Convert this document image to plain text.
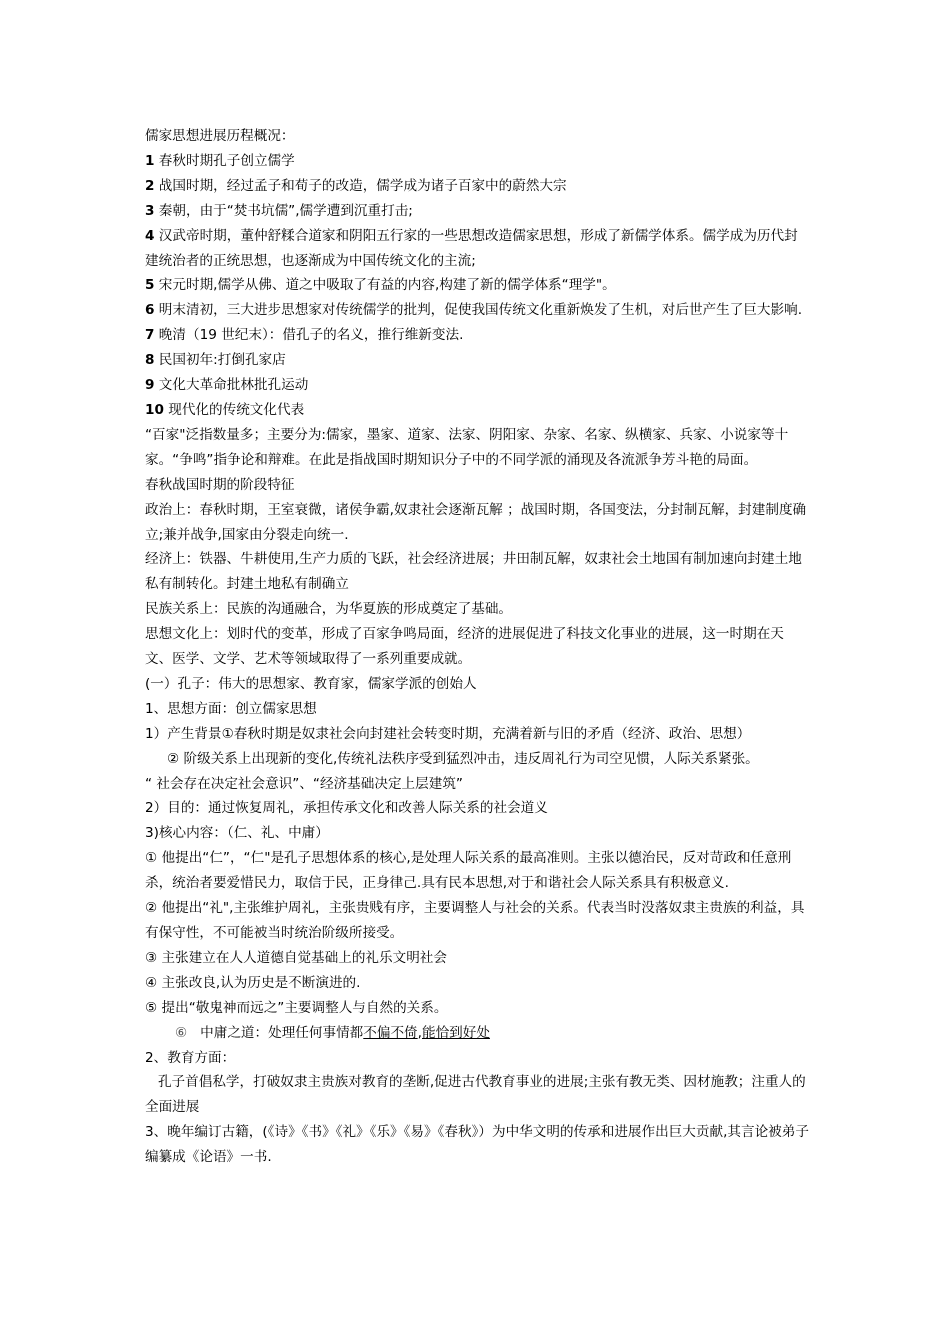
儒家思想进展历程概况：

1 春秋时期孔子创立儒学

2 战国时期，经过孟子和荀子的改造，儒学成为诸子百家中的蔚然大宗

3 秦朝，由于“焚书坑儒”,儒学遭到沉重打击;

4 汉武帝时期，董仲舒糅合道家和阴阳五行家的一些思想改造儒家思想，形成了新儒学体系。儒学成为历代封建统治者的正统思想，也逐渐成为中国传统文化的主流;

5 宋元时期,儒学从佛、道之中吸取了有益的内容,构建了新的儒学体系“理学"。

6 明末清初，三大进步思想家对传统儒学的批判，促使我国传统文化重新焕发了生机，对后世产生了巨大影响.

7 晚清（19 世纪末）：借孔子的名义，推行维新变法.

8 民国初年:打倒孔家店

9 文化大革命批林批孔运动

10 现代化的传统文化代表

“百家"泛指数量多；主要分为:儒家，墨家、道家、法家、阴阳家、杂家、名家、纵横家、兵家、小说家等十家。“争鸣”指争论和辩难。在此是指战国时期知识分子中的不同学派的涌现及各流派争芳斗艳的局面。

春秋战国时期的阶段特征

政治上：春秋时期，王室衰微，诸侯争霸,奴隶社会逐渐瓦解 ；战国时期，各国变法，分封制瓦解，封建制度确立;兼并战争,国家由分裂走向统一.

经济上：铁器、牛耕使用,生产力质的飞跃，社会经济进展；井田制瓦解，奴隶社会土地国有制加速向封建土地私有制转化。封建土地私有制确立

民族关系上：民族的沟通融合，为华夏族的形成奠定了基础。

思想文化上：划时代的变革，形成了百家争鸣局面，经济的进展促进了科技文化事业的进展，这一时期在天文、医学、文学、艺术等领域取得了一系列重要成就。

(一）孔子：伟大的思想家、教育家，儒家学派的创始人

1、思想方面：创立儒家思想

1）产生背景①春秋时期是奴隶社会向封建社会转变时期，充满着新与旧的矛盾（经济、政治、思想）

② 阶级关系上出现新的变化,传统礼法秩序受到猛烈冲击，违反周礼行为司空见惯，人际关系紧张。

“ 社会存在决定社会意识”、“经济基础决定上层建筑”

2）目的：通过恢复周礼，承担传承文化和改善人际关系的社会道义

3)核心内容：（仁、礼、中庸）

① 他提出“仁”，“仁"是孔子思想体系的核心,是处理人际关系的最高准则。主张以德治民，反对苛政和任意刑杀，统治者要爱惜民力，取信于民，正身律己.具有民本思想,对于和谐社会人际关系具有积极意义.

② 他提出“礼",主张维护周礼，主张贵贱有序，主要调整人与社会的关系。代表当时没落奴隶主贵族的利益，具有保守性，不可能被当时统治阶级所接受。

③ 主张建立在人人道德自觉基础上的礼乐文明社会

④ 主张改良,认为历史是不断演进的.

⑤ 提出“敬鬼神而远之”主要调整人与自然的关系。

⑥ 中庸之道：处理任何事情都不偏不倚,能恰到好处

2、教育方面：

孔子首倡私学，打破奴隶主贵族对教育的垄断,促进古代教育事业的进展;主张有教无类、因材施教；注重人的全面进展

3、晚年编订古籍，(《诗》《书》《礼》《乐》《易》《春秋》）为中华文明的传承和进展作出巨大贡献,其言论被弟子编纂成《论语》一书.
